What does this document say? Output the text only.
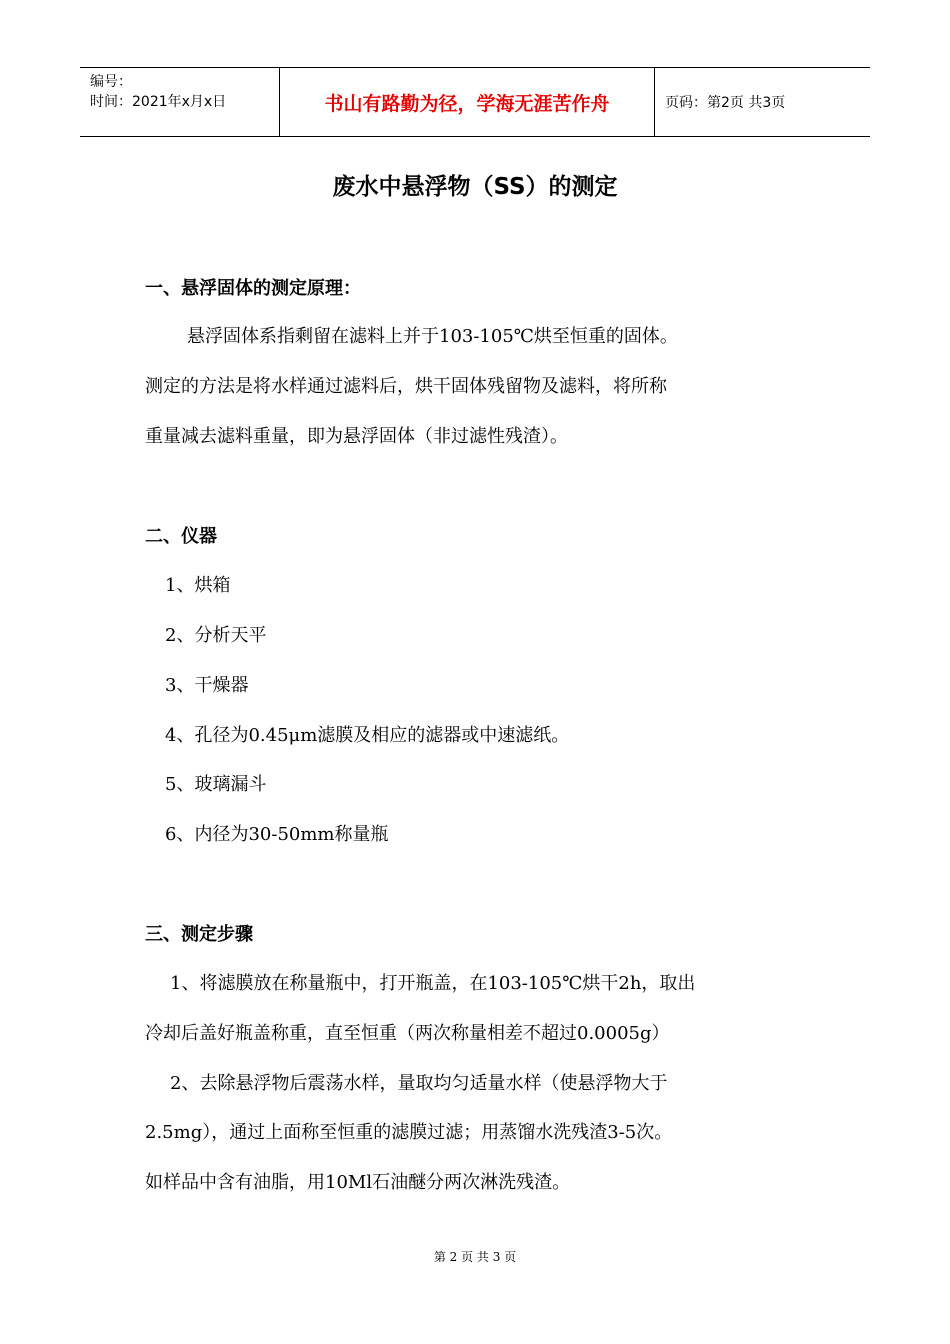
编号：
时间：2021年x月x日	书山有路勤为径，学海无涯苦作舟	页码：第2页 共3页
废水中悬浮物（SS）的测定
一、悬浮固体的测定原理：
悬浮固体系指剩留在滤料上并于103-105℃烘至恒重的固体。
测定的方法是将水样通过滤料后，烘干固体残留物及滤料，将所称
重量减去滤料重量，即为悬浮固体（非过滤性残渣）。
二、仪器
1、烘箱
2、分析天平
3、干燥器
4、孔径为0.45μm滤膜及相应的滤器或中速滤纸。
5、玻璃漏斗
6、内径为30-50mm称量瓶
三、测定步骤
1、将滤膜放在称量瓶中，打开瓶盖，在103-105℃烘干2h，取出
冷却后盖好瓶盖称重，直至恒重（两次称量相差不超过0.0005g）
2、去除悬浮物后震荡水样，量取均匀适量水样（使悬浮物大于
2.5mg），通过上面称至恒重的滤膜过滤；用蒸馏水洗残渣3-5次。
如样品中含有油脂，用10Ml石油醚分两次淋洗残渣。
第 2 页 共 3 页
